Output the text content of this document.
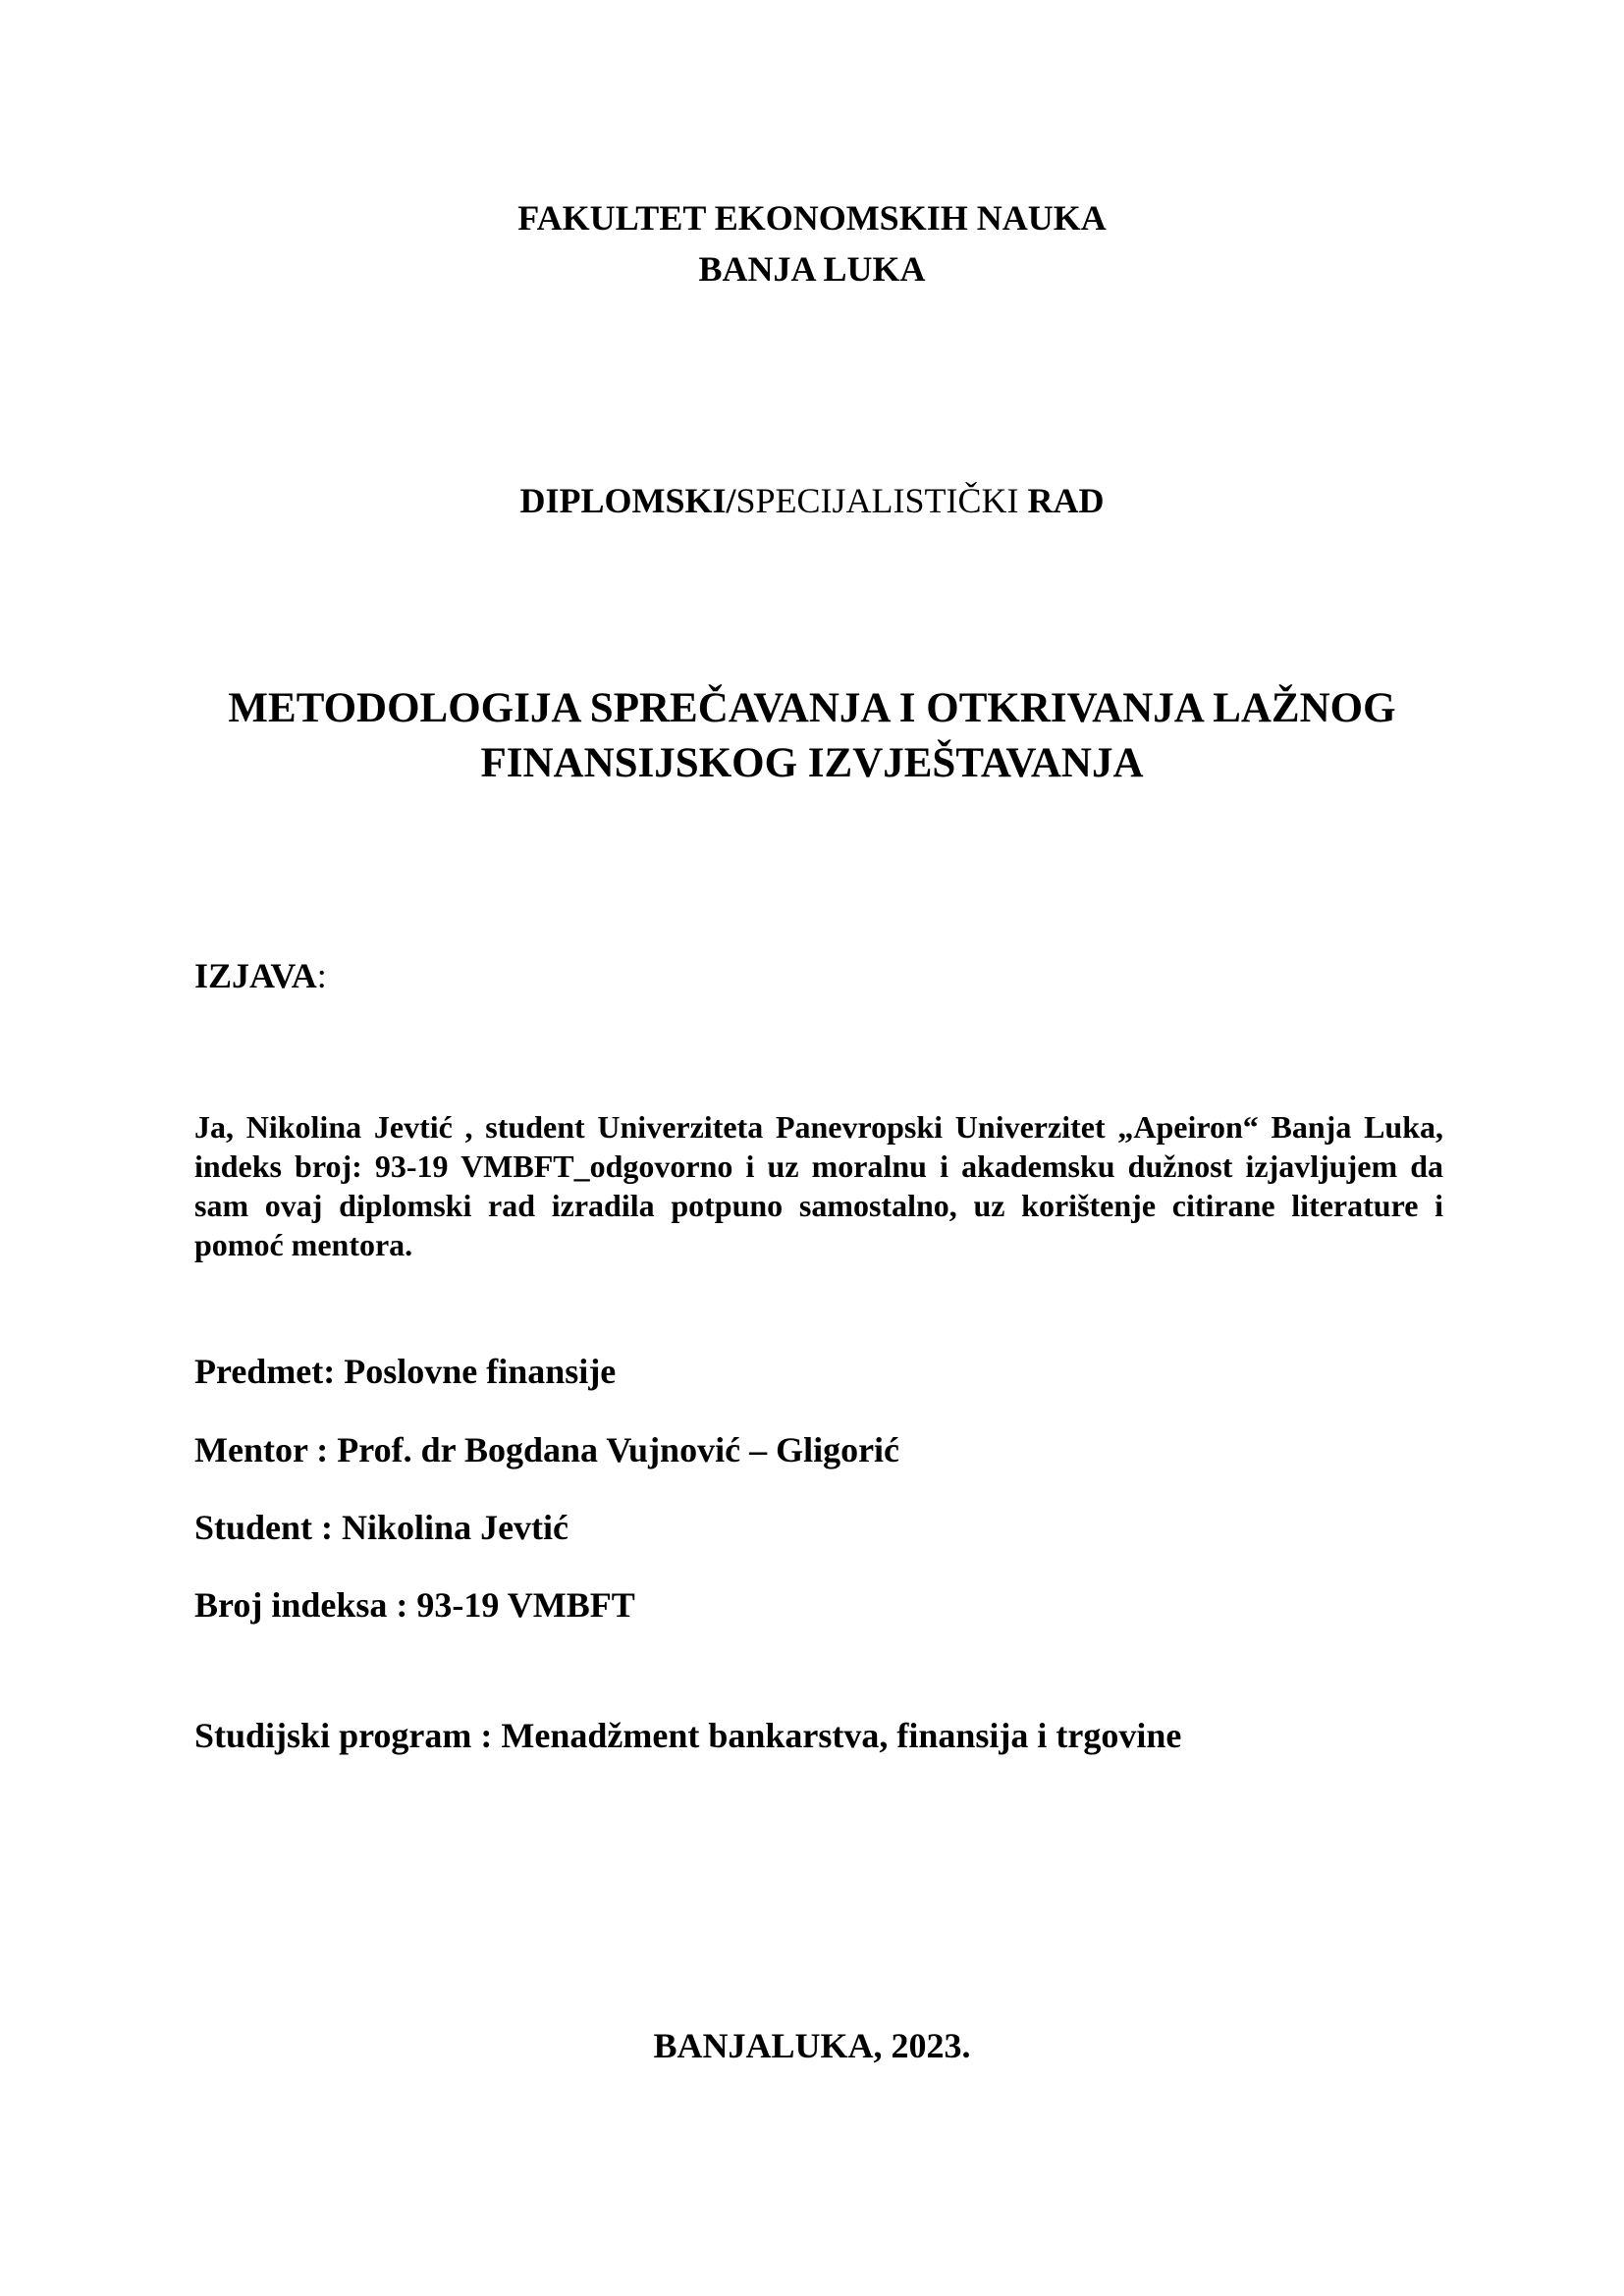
FAKULTET EKONOMSKIH NAUKA
BANJA LUKA
DIPLOMSKI/SPECIJALISTIČKI RAD
METODOLOGIJA SPREČAVANJA I OTKRIVANJA LAŽNOG
FINANSIJSKOG IZVJEŠTAVANJA
IZJAVA:
Ja, Nikolina Jevtić , student Univerziteta Panevropski Univerzitet „Apeiron“ Banja Luka, indeks broj: 93-19 VMBFT_odgovorno i uz moralnu i akademsku dužnost izjavljujem da sam ovaj diplomski rad izradila potpuno samostalno, uz korištenje citirane literature i pomoć mentora.
Predmet: Poslovne finansije
Mentor : Prof. dr Bogdana Vujnović – Gligorić
Student : Nikolina Jevtić
Broj indeksa : 93-19 VMBFT
Studijski program : Menadžment bankarstva, finansija i trgovine
BANJALUKA, 2023.
